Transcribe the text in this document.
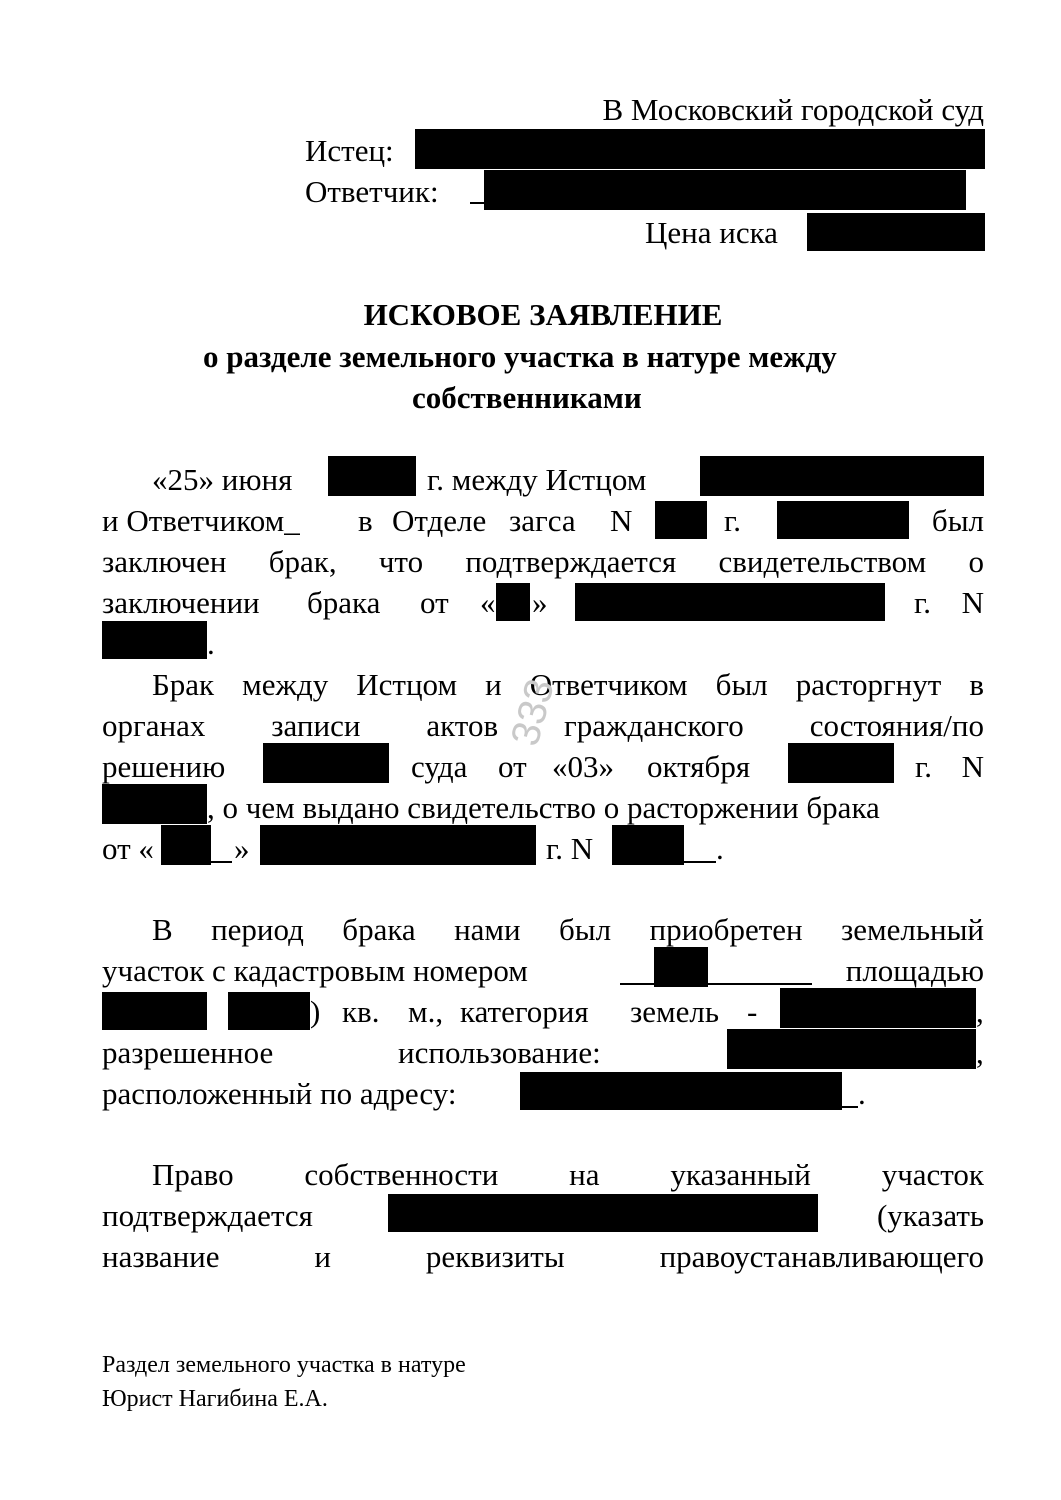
В Московский городской суд
Истец:
Ответчик:
Цена иска
ИСКОВОЕ ЗАЯВЛЕНИЕ
о разделе земельного участка в натуре между
собственниками
«25» июня	г. между Истцом
и Ответчиком_ в Отделе загса N	г.	был
заключен брак, что подтверждается свидетельством о
заключении брака от « »	г. N
.
Брак между Истцом и Ответчиком был расторгнут в
органах записи актов гражданского состояния/по
решению	суда от «03» октября	г. N
, о чем выдано свидетельство о расторжении брака
от «	»	г. N	.
В период брака нами был приобретен земельный
участок с кадастровым номером	площадью
) кв. м., категория земель -	,
разрешенное	использование:	,
расположенный по адресу:	.
Право собственности на указанный участок
подтверждается	(указать
название	и	реквизиты	правоустанавливающего
333
Раздел земельного участка в натуре
Юрист Нагибина Е.А.
